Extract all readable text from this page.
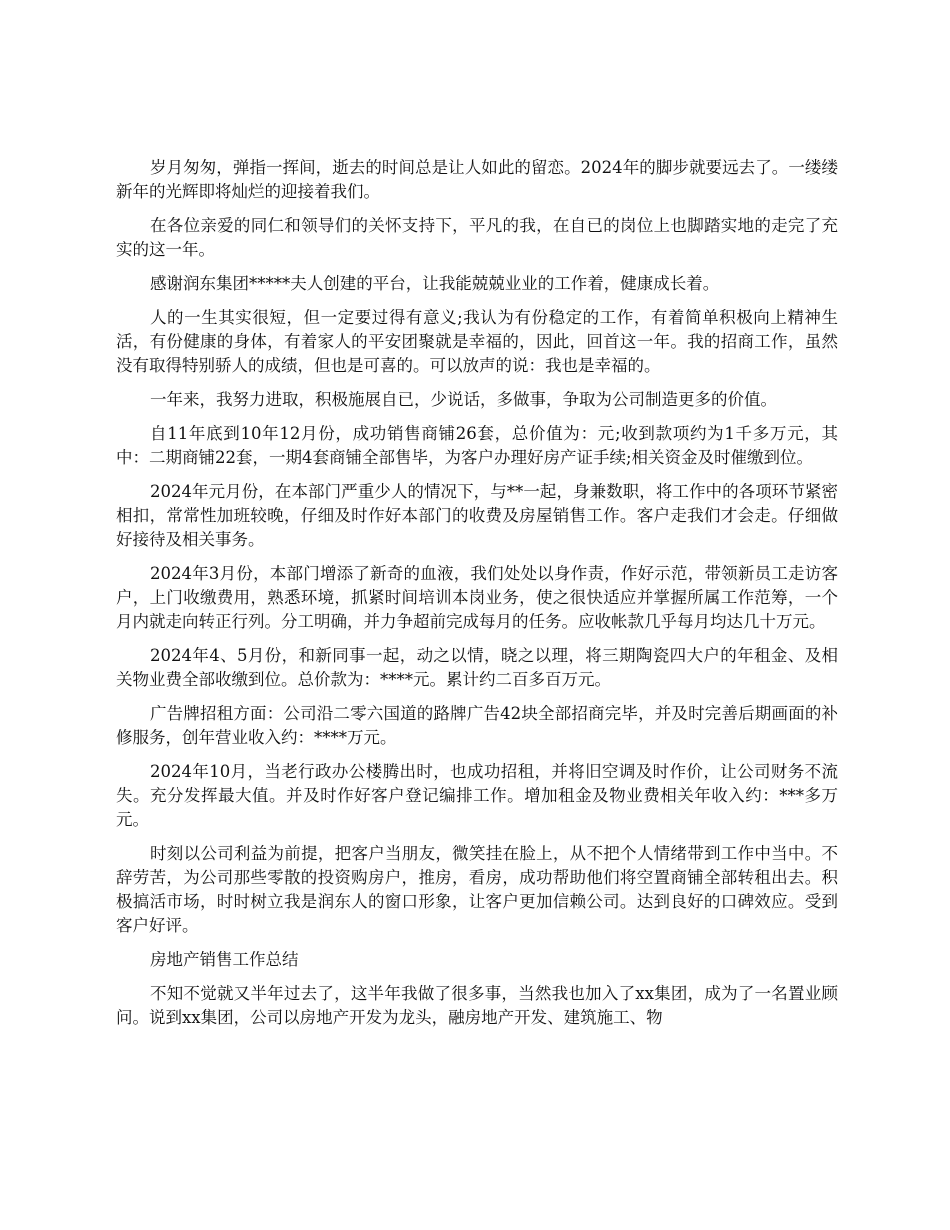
岁月匆匆，弹指一挥间，逝去的时间总是让人如此的留恋。2024年的脚步就要远去了。一缕缕新年的光辉即将灿烂的迎接着我们。

在各位亲爱的同仁和领导们的关怀支持下，平凡的我，在自已的岗位上也脚踏实地的走完了充实的这一年。

感谢润东集团*****夫人创建的平台，让我能兢兢业业的工作着，健康成长着。

人的一生其实很短，但一定要过得有意义;我认为有份稳定的工作，有着简单积极向上精神生活，有份健康的身体，有着家人的平安团聚就是幸福的，因此，回首这一年。我的招商工作，虽然没有取得特别骄人的成绩，但也是可喜的。可以放声的说：我也是幸福的。

一年来，我努力进取，积极施展自已，少说话，多做事，争取为公司制造更多的价值。

自11年底到10年12月份，成功销售商铺26套，总价值为：元;收到款项约为1千多万元，其中：二期商铺22套，一期4套商铺全部售毕，为客户办理好房产证手续;相关资金及时催缴到位。

2024年元月份，在本部门严重少人的情况下，与**一起，身兼数职，将工作中的各项环节紧密相扣，常常性加班较晚，仔细及时作好本部门的收费及房屋销售工作。客户走我们才会走。仔细做好接待及相关事务。

2024年3月份，本部门增添了新奇的血液，我们处处以身作责，作好示范，带领新员工走访客户，上门收缴费用，熟悉环境，抓紧时间培训本岗业务，使之很快适应并掌握所属工作范筹，一个月内就走向转正行列。分工明确，并力争超前完成每月的任务。应收帐款几乎每月均达几十万元。

2024年4、5月份，和新同事一起，动之以情，晓之以理，将三期陶瓷四大户的年租金、及相关物业费全部收缴到位。总价款为：****元。累计约二百多百万元。

广告牌招租方面：公司沿二零六国道的路牌广告42块全部招商完毕，并及时完善后期画面的补修服务，创年营业收入约：****万元。

2024年10月，当老行政办公楼腾出时，也成功招租，并将旧空调及时作价，让公司财务不流失。充分发挥最大值。并及时作好客户登记编排工作。增加租金及物业费相关年收入约：***多万元。

时刻以公司利益为前提，把客户当朋友，微笑挂在脸上，从不把个人情绪带到工作中当中。不辞劳苦，为公司那些零散的投资购房户，推房，看房，成功帮助他们将空置商铺全部转租出去。积极搞活市场，时时树立我是润东人的窗口形象，让客户更加信赖公司。达到良好的口碑效应。受到客户好评。

房地产销售工作总结

不知不觉就又半年过去了，这半年我做了很多事，当然我也加入了xx集团，成为了一名置业顾问。说到xx集团，公司以房地产开发为龙头，融房地产开发、建筑施工、物
